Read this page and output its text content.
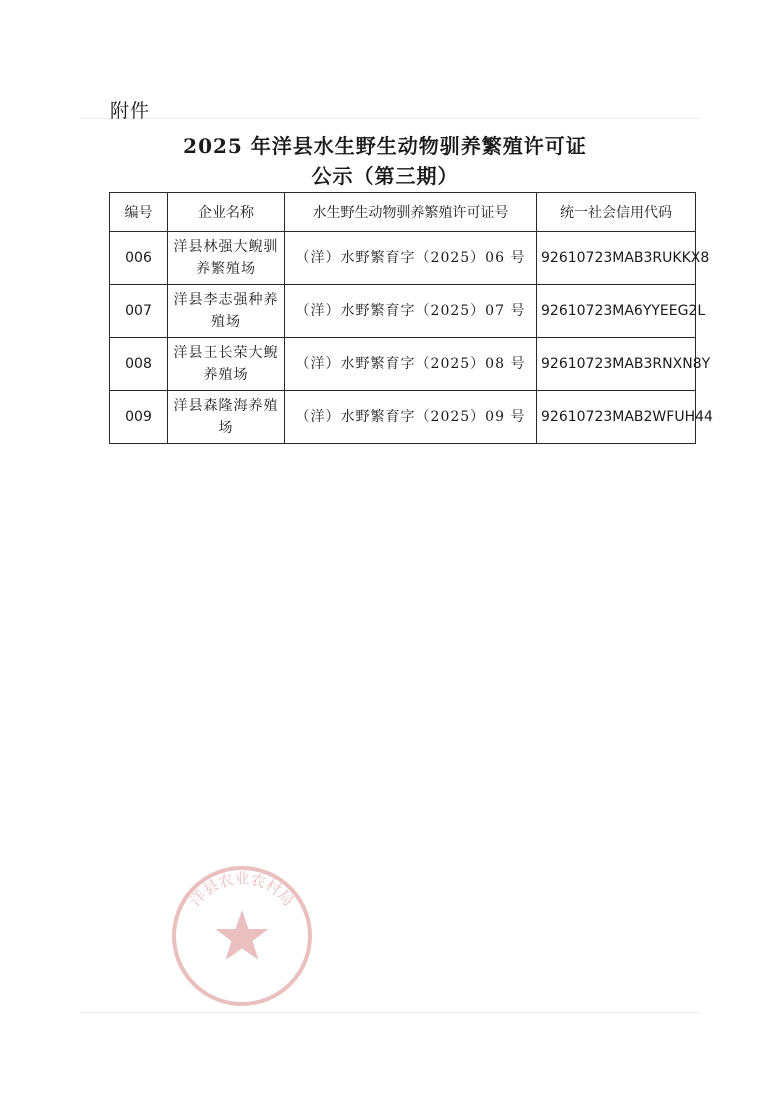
附件
2025 年洋县水生野生动物驯养繁殖许可证
公示（第三期）
编号	企业名称	水生野生动物驯养繁殖许可证号	统一社会信用代码
006	洋县林强大鲵驯养繁殖场	（洋）水野繁育字（2025）06 号	92610723MAB3RUKKX8
007	洋县李志强种养殖场	（洋）水野繁育字（2025）07 号	92610723MA6YYEEG2L
008	洋县王长荣大鲵养殖场	（洋）水野繁育字（2025）08 号	92610723MAB3RNXN8Y
009	洋县森隆海养殖场	（洋）水野繁育字（2025）09 号	92610723MAB2WFUH44
洋县农业农村局
